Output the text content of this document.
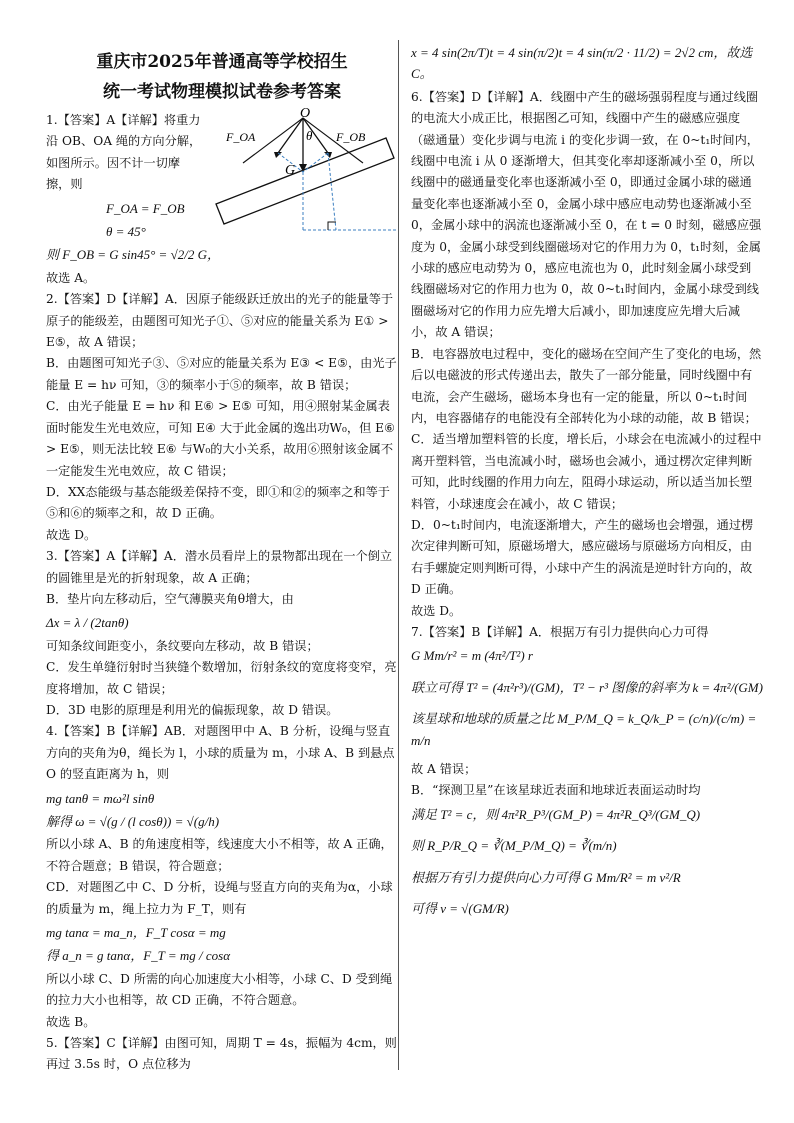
重庆市2025年普通高等学校招生
统一考试物理模拟试卷参考答案
O
F_OA	F_OB
θ
G

1.【答案】A【详解】将重力沿 OB、OA 绳的方向分解，如图所示。因不计一切摩擦，则

F_OA = F_OB

θ = 45°

则 F_OB = G sin45° = √2/2 G，

故选 A。

2.【答案】D【详解】A．因原子能级跃迁放出的光子的能量等于原子的能级差，由题图可知光子①、⑤对应的能量关系为 E① > E⑤，故 A 错误；

B．由题图可知光子③、⑤对应的能量关系为 E③ < E⑤，由光子能量 E = hν 可知，③的频率小于⑤的频率，故 B 错误；

C．由光子能量 E = hν 和 E⑥ > E⑤ 可知，用④照射某金属表面时能发生光电效应，可知 E④ 大于此金属的逸出功W₀，但 E⑥ > E⑤，则无法比较 E⑥ 与W₀的大小关系，故用⑥照射该金属不一定能发生光电效应，故 C 错误；

D．XX态能级与基态能级差保持不变，即①和②的频率之和等于⑤和⑥的频率之和，故 D 正确。

故选 D。

3.【答案】A【详解】A．潜水员看岸上的景物都出现在一个倒立的圆锥里是光的折射现象，故 A 正确；

B．垫片向左移动后，空气薄膜夹角θ增大，由

Δx = λ / (2tanθ)

可知条纹间距变小，条纹要向左移动，故 B 错误；

C．发生单缝衍射时当狭缝个数增加，衍射条纹的宽度将变窄，亮度将增加，故 C 错误；

D．3D 电影的原理是利用光的偏振现象，故 D 错误。

4.【答案】B【详解】AB．对题图甲中 A、B 分析，设绳与竖直方向的夹角为θ，绳长为 l，小球的质量为 m，小球 A、B 到悬点 O 的竖直距离为 h，则

mg tanθ = mω²l sinθ

解得 ω = √(g / (l cosθ)) = √(g/h)

所以小球 A、B 的角速度相等，线速度大小不相等，故 A 正确，不符合题意；B 错误，符合题意；

CD．对题图乙中 C、D 分析，设绳与竖直方向的夹角为α，小球的质量为 m，绳上拉力为 F_T，则有

mg tanα = ma_n，F_T cosα = mg

得 a_n = g tanα，F_T = mg / cosα

所以小球 C、D 所需的向心加速度大小相等，小球 C、D 受到绳的拉力大小也相等，故 CD 正确，不符合题意。

故选 B。

5.【答案】C【详解】由图可知，周期 T = 4s，振幅为 4cm，则再过 3.5s 时，O 点位移为

x = 4 sin(2π/T)t = 4 sin(π/2)t = 4 sin(π/2 · 11/2) = 2√2 cm，故选 C。

6.【答案】D【详解】A．线圈中产生的磁场强弱程度与通过线圈的电流大小成正比，根据图乙可知，线圈中产生的磁感应强度（磁通量）变化步调与电流 i 的变化步调一致，在 0~t₁时间内，线圈中电流 i 从 0 逐渐增大，但其变化率却逐渐减小至 0，所以线圈中的磁通量变化率也逐渐减小至 0，即通过金属小球的磁通量变化率也逐渐减小至 0，金属小球中感应电动势也逐渐减小至 0，金属小球中的涡流也逐渐减小至 0，在 t = 0 时刻，磁感应强度为 0，金属小球受到线圈磁场对它的作用力为 0，t₁时刻，金属小球的感应电动势为 0，感应电流也为 0，此时刻金属小球受到线圈磁场对它的作用力也为 0，故 0~t₁时间内，金属小球受到线圈磁场对它的作用力应先增大后减小，即加速度应先增大后减小，故 A 错误；

B．电容器放电过程中，变化的磁场在空间产生了变化的电场，然后以电磁波的形式传递出去，散失了一部分能量，同时线圈中有电流，会产生磁场，磁场本身也有一定的能量，所以 0~t₁时间内，电容器储存的电能没有全部转化为小球的动能，故 B 错误；

C．适当增加塑料管的长度，增长后，小球会在电流减小的过程中离开塑料管，当电流减小时，磁场也会减小，通过楞次定律判断可知，此时线圈的作用力向左，阻碍小球运动，所以适当加长塑料管，小球速度会在减小，故 C 错误；

D．0~t₁时间内，电流逐渐增大，产生的磁场也会增强，通过楞次定律判断可知，原磁场增大，感应磁场与原磁场方向相反，由右手螺旋定则判断可得，小球中产生的涡流是逆时针方向的，故 D 正确。

故选 D。

7.【答案】B【详解】A．根据万有引力提供向心力可得

G Mm/r² = m (4π²/T²) r

联立可得 T² = (4π²r³)/(GM)，T² − r³ 图像的斜率为 k = 4π²/(GM)

该星球和地球的质量之比 M_P/M_Q = k_Q/k_P = (c/n)/(c/m) = m/n

故 A 错误；

B．“探测卫星”在该星球近表面和地球近表面运动时均

满足 T² = c，则 4π²R_P³/(GM_P) = 4π²R_Q³/(GM_Q)

则 R_P/R_Q = ∛(M_P/M_Q) = ∛(m/n)

根据万有引力提供向心力可得 G Mm/R² = m v²/R

可得 v = √(GM/R)
